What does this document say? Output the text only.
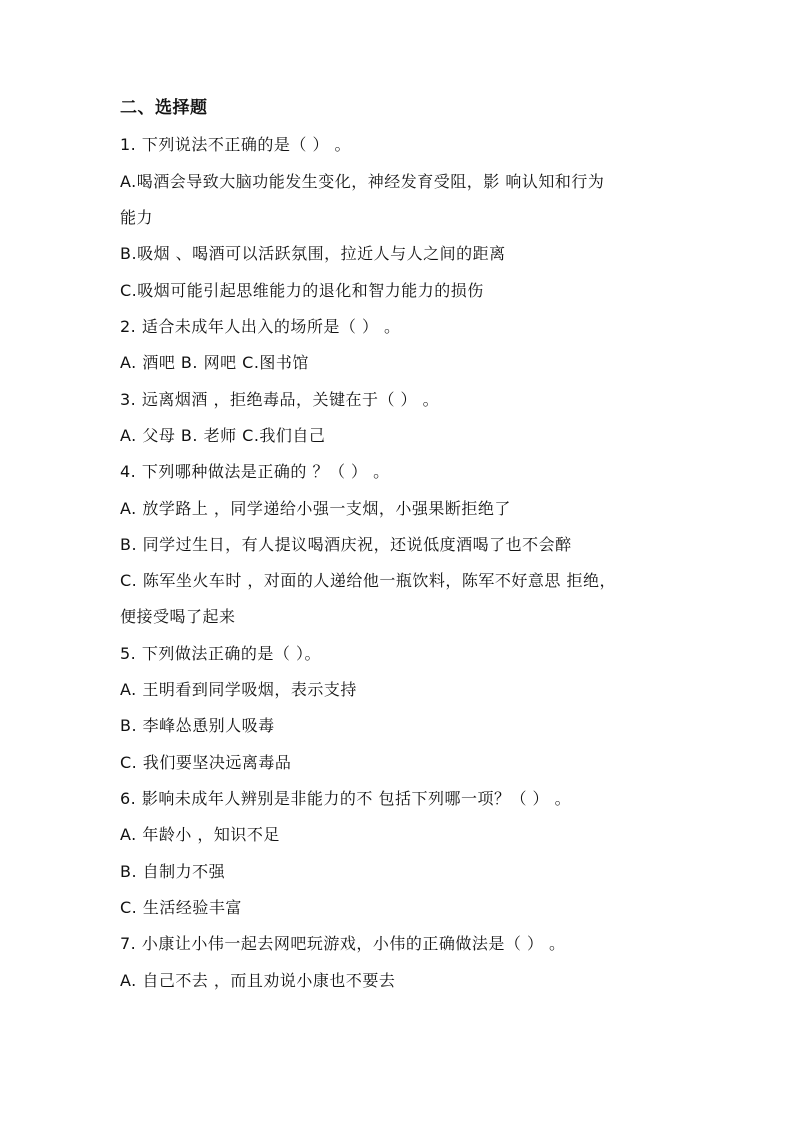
二、选择题
1. 下列说法不正确的是（ ） 。
A.喝酒会导致大脑功能发生变化，神经发育受阻，影 响认知和行为
能力
B.吸烟 、喝酒可以活跃氛围，拉近人与人之间的距离
C.吸烟可能引起思维能力的退化和智力能力的损伤
2. 适合未成年人出入的场所是（ ） 。
A. 酒吧 B. 网吧 C.图书馆
3. 远离烟酒 ，拒绝毒品，关键在于（ ） 。
A. 父母 B. 老师 C.我们自己
4. 下列哪种做法是正确的 ？（ ） 。
A. 放学路上 ，同学递给小强一支烟，小强果断拒绝了
B. 同学过生日，有人提议喝酒庆祝，还说低度酒喝了也不会醉
C. 陈军坐火车时 ，对面的人递给他一瓶饮料，陈军不好意思 拒绝，
便接受喝了起来
5. 下列做法正确的是（ ）。
A. 王明看到同学吸烟，表示支持
B. 李峰怂恿别人吸毒
C. 我们要坚决远离毒品
6. 影响未成年人辨别是非能力的不 包括下列哪一项？（ ） 。
A. 年龄小 ，知识不足
B. 自制力不强
C. 生活经验丰富
7. 小康让小伟一起去网吧玩游戏，小伟的正确做法是（ ） 。
A. 自己不去 ，而且劝说小康也不要去
